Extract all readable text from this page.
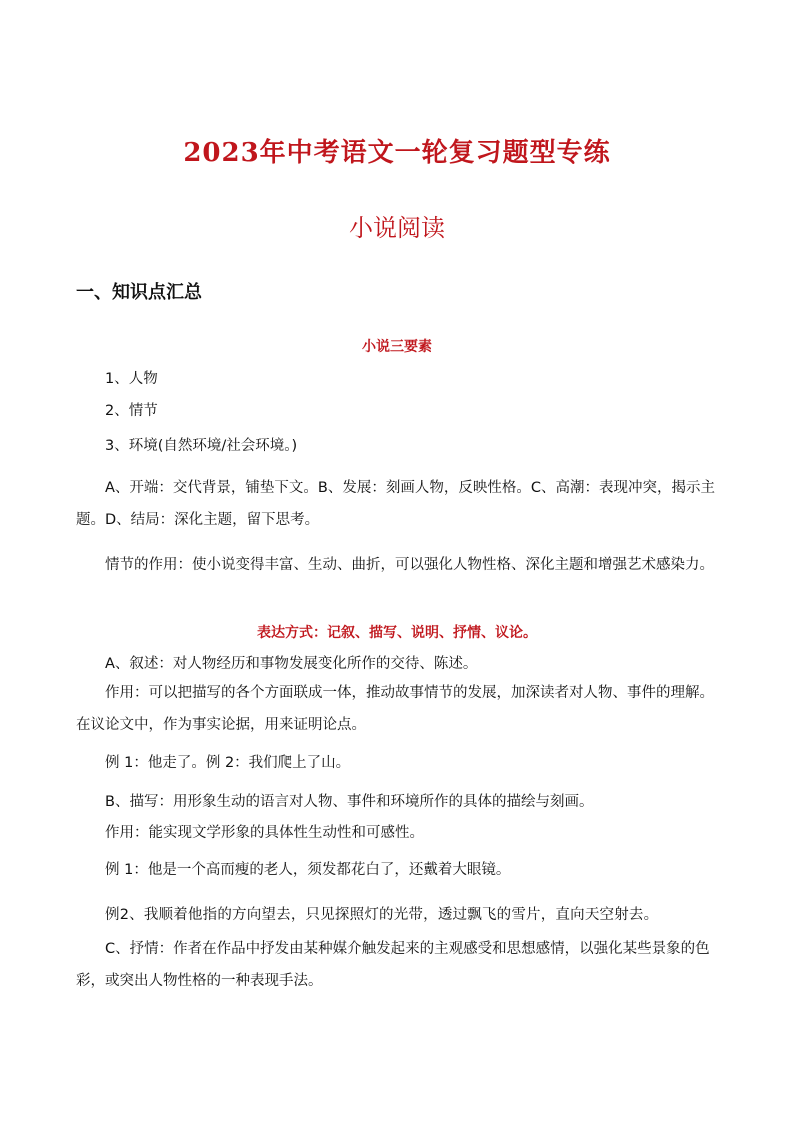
2023年中考语文一轮复习题型专练
小说阅读
一、知识点汇总
小说三要素
1、人物
2、情节
3、环境(自然环境/社会环境。)
A、开端：交代背景，铺垫下文。B、发展：刻画人物，反映性格。C、高潮：表现冲突，揭示主题。D、结局：深化主题，留下思考。
情节的作用：使小说变得丰富、生动、曲折，可以强化人物性格、深化主题和增强艺术感染力。
表达方式：记叙、描写、说明、抒情、议论。
A、叙述：对人物经历和事物发展变化所作的交待、陈述。
作用：可以把描写的各个方面联成一体，推动故事情节的发展，加深读者对人物、事件的理解。在议论文中，作为事实论据，用来证明论点。
例 1：他走了。例 2：我们爬上了山。
B、描写：用形象生动的语言对人物、事件和环境所作的具体的描绘与刻画。
作用：能实现文学形象的具体性生动性和可感性。
例 1：他是一个高而瘦的老人，须发都花白了，还戴着大眼镜。
例2、我顺着他指的方向望去，只见探照灯的光带，透过飘飞的雪片，直向天空射去。
C、抒情：作者在作品中抒发由某种媒介触发起来的主观感受和思想感情，以强化某些景象的色彩，或突出人物性格的一种表现手法。
